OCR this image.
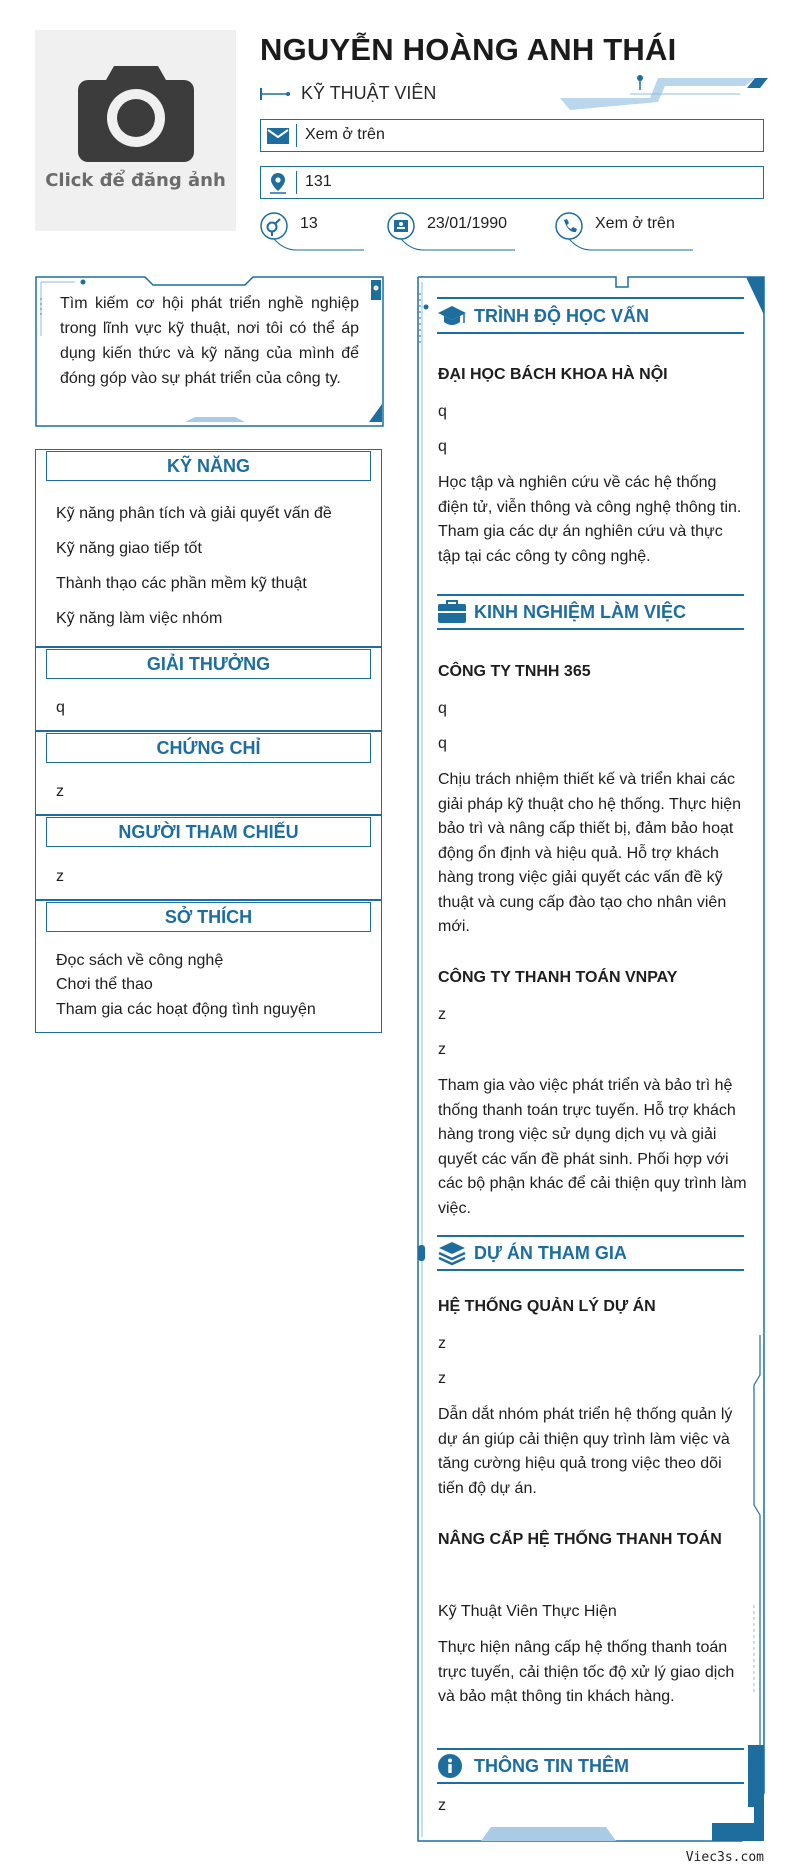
Click để đăng ảnh
NGUYỄN HOÀNG ANH THÁI
KỸ THUẬT VIÊN
Xem ở trên
131
13	23/01/1990	Xem ở trên
Tìm kiếm cơ hội phát triển nghề nghiệp trong lĩnh vực kỹ thuật, nơi tôi có thể áp dụng kiến thức và kỹ năng của mình để đóng góp vào sự phát triển của công ty.
KỸ NĂNG
Kỹ năng phân tích và giải quyết vấn đề
Kỹ năng giao tiếp tốt
Thành thạo các phần mềm kỹ thuật
Kỹ năng làm việc nhóm
GIẢI THƯỞNG
q
CHỨNG CHỈ
z
NGƯỜI THAM CHIẾU
z
SỞ THÍCH
Đọc sách về công nghệ
Chơi thể thao
Tham gia các hoạt động tình nguyện
TRÌNH ĐỘ HỌC VẤN
ĐẠI HỌC BÁCH KHOA HÀ NỘI
q
q
Học tập và nghiên cứu về các hệ thống điện tử, viễn thông và công nghệ thông tin. Tham gia các dự án nghiên cứu và thực tập tại các công ty công nghệ.
KINH NGHIỆM LÀM VIỆC
CÔNG TY TNHH 365
q
q
Chịu trách nhiệm thiết kế và triển khai các giải pháp kỹ thuật cho hệ thống. Thực hiện bảo trì và nâng cấp thiết bị, đảm bảo hoạt động ổn định và hiệu quả. Hỗ trợ khách hàng trong việc giải quyết các vấn đề kỹ thuật và cung cấp đào tạo cho nhân viên mới.
CÔNG TY THANH TOÁN VNPAY
z
z
Tham gia vào việc phát triển và bảo trì hệ thống thanh toán trực tuyến. Hỗ trợ khách hàng trong việc sử dụng dịch vụ và giải quyết các vấn đề phát sinh. Phối hợp với các bộ phận khác để cải thiện quy trình làm việc.
DỰ ÁN THAM GIA
HỆ THỐNG QUẢN LÝ DỰ ÁN
z
z
Dẫn dắt nhóm phát triển hệ thống quản lý dự án giúp cải thiện quy trình làm việc và tăng cường hiệu quả trong việc theo dõi tiến độ dự án.
NÂNG CẤP HỆ THỐNG THANH TOÁN
Kỹ Thuật Viên Thực Hiện
Thực hiện nâng cấp hệ thống thanh toán trực tuyến, cải thiện tốc độ xử lý giao dịch và bảo mật thông tin khách hàng.
THÔNG TIN THÊM
z
Viec3s.com
